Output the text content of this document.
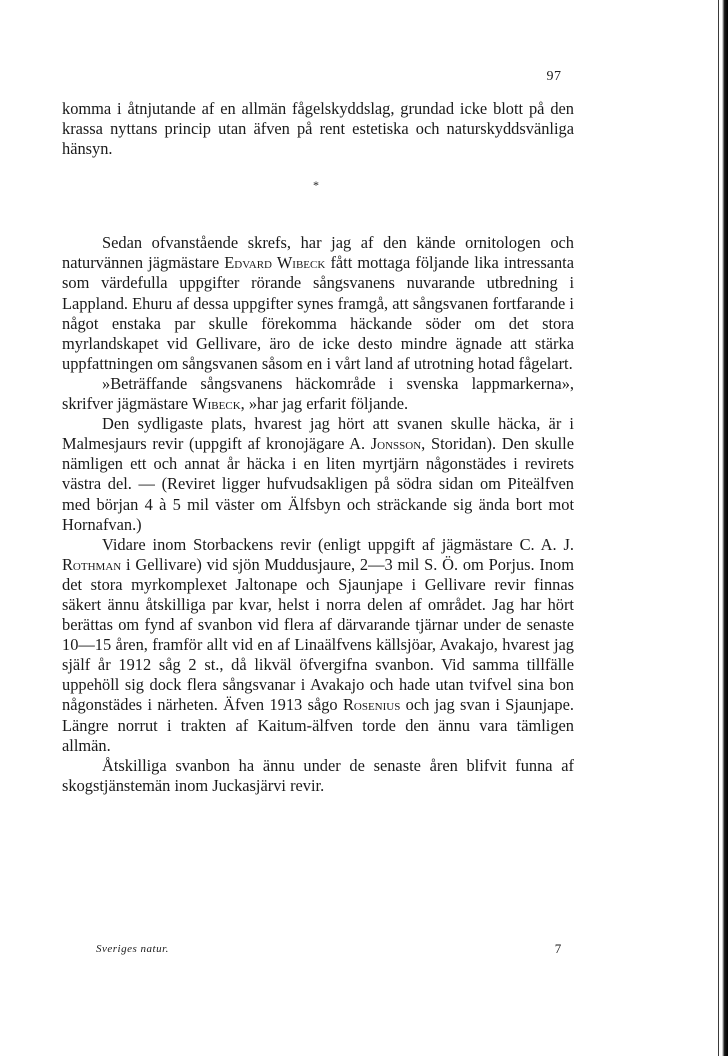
97
*

komma i åtnjutande af en allmän fågelskyddslag, grundad icke blott på den krassa nyttans princip utan äfven på rent estetiska och naturskyddsvänliga hänsyn.

Sedan ofvanstående skrefs, har jag af den kände ornitologen och naturvännen jägmästare Edvard Wibeck fått mottaga följande lika intressanta som värdefulla uppgifter rörande sångsvanens nuvarande utbredning i Lappland. Ehuru af dessa uppgifter synes framgå, att sångsvanen fortfarande i något enstaka par skulle förekomma häckande söder om det stora myrlandskapet vid Gellivare, äro de icke desto mindre ägnade att stärka uppfattningen om sångsvanen såsom en i vårt land af utrotning hotad fågelart.

»Beträffande sångsvanens häckområde i svenska lappmarkerna», skrifver jägmästare Wibeck, »har jag erfarit följande.

Den sydligaste plats, hvarest jag hört att svanen skulle häcka, är i Malmesjaurs revir (uppgift af kronojägare A. Jonsson, Storidan). Den skulle nämligen ett och annat år häcka i en liten myrtjärn någonstädes i revirets västra del. — (Reviret ligger hufvudsakligen på södra sidan om Piteälfven med början 4 à 5 mil väster om Älfsbyn och sträckande sig ända bort mot Hornafvan.)

Vidare inom Storbackens revir (enligt uppgift af jägmästare C. A. J. Rothman i Gellivare) vid sjön Muddusjaure, 2—3 mil S. Ö. om Porjus. Inom det stora myrkomplexet Jaltonape och Sjaunjape i Gellivare revir finnas säkert ännu åtskilliga par kvar, helst i norra delen af området. Jag har hört berättas om fynd af svanbon vid flera af därvarande tjärnar under de senaste 10—15 åren, framför allt vid en af Linaälfvens källsjöar, Avakajo, hvarest jag själf år 1912 såg 2 st., då likväl öfvergifna svanbon. Vid samma tillfälle uppehöll sig dock flera sångsvanar i Avakajo och hade utan tvifvel sina bon någonstädes i närheten. Äfven 1913 sågo Rosenius och jag svan i Sjaunjape. Längre norrut i trakten af Kaitum-älfven torde den ännu vara tämligen allmän.

Åtskilliga svanbon ha ännu under de senaste åren blifvit funna af skogstjänstemän inom Juckasjärvi revir.

Sveriges natur.	7
